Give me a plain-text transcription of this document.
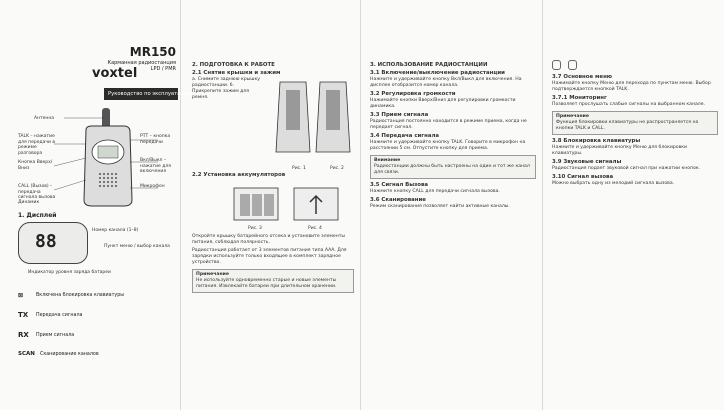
MR150
Карманная радиостанция LPD / PMR
voxtel
Руководство по эксплуатации
Антенна
TALK – нажатие для передачи в режиме разговора
Кнопка Вверх/Вниз
CALL (Вызов) – передача сигнала вызова
Динамик
РТТ – кнопка передачи
Вкл/Выкл – нажатие для включения
Микрофон
1. Дисплей
88
Номер канала (1–8)
Пункт меню / выбор канала
Индикатор уровня заряда батареи
⊠	Включена блокировка клавиатуры
TX	Передача сигнала
RX	Прием сигнала
SCAN	Сканирование каналов
2. ПОДГОТОВКА К РАБОТЕ
2.1 Снятие крышки и зажим

а. Снимите заднюю крышку радиостанции. б. Прикрепите зажим для ремня.

Рис. 1	Рис. 2
2.2 Установка аккумуляторов
Рис. 3	Рис. 4

Откройте крышку батарейного отсека и установите элементы питания, соблюдая полярность.

Радиостанция работает от 3 элементов питания типа ААА. Для зарядки используйте только входящее в комплект зарядное устройство.

Примечание
Не используйте одновременно старые и новые элементы питания. Извлекайте батареи при длительном хранении.
3. ИСПОЛЬЗОВАНИЕ РАДИОСТАНЦИИ
3.1 Включение/выключение радиостанции

Нажмите и удерживайте кнопку Вкл/Выкл для включения. На дисплее отобразится номер канала.

3.2 Регулировка громкости

Нажимайте кнопки Вверх/Вниз для регулировки громкости динамика.

3.3 Прием сигнала

Радиостанция постоянно находится в режиме приема, когда не передает сигнал.

3.4 Передача сигнала

Нажмите и удерживайте кнопку TALK. Говорите в микрофон на расстоянии 5 см. Отпустите кнопку для приема.

Внимание
Радиостанции должны быть настроены на один и тот же канал для связи.
3.5 Сигнал Вызова

Нажмите кнопку CALL для передачи сигнала вызова.

3.6 Сканирование

Режим сканирования позволяет найти активные каналы.

3.7 Основное меню

Нажимайте кнопку Меню для перехода по пунктам меню. Выбор подтверждается кнопкой TALK.

3.7.1 Мониторинг

Позволяет прослушать слабые сигналы на выбранном канале.

Примечание
Функция блокировки клавиатуры не распространяется на кнопки TALK и CALL.
3.8 Блокировка клавиатуры

Нажмите и удерживайте кнопку Меню для блокировки клавиатуры.

3.9 Звуковые сигналы

Радиостанция подает звуковой сигнал при нажатии кнопок.

3.10 Сигнал вызова

Можно выбрать одну из мелодий сигнала вызова.
